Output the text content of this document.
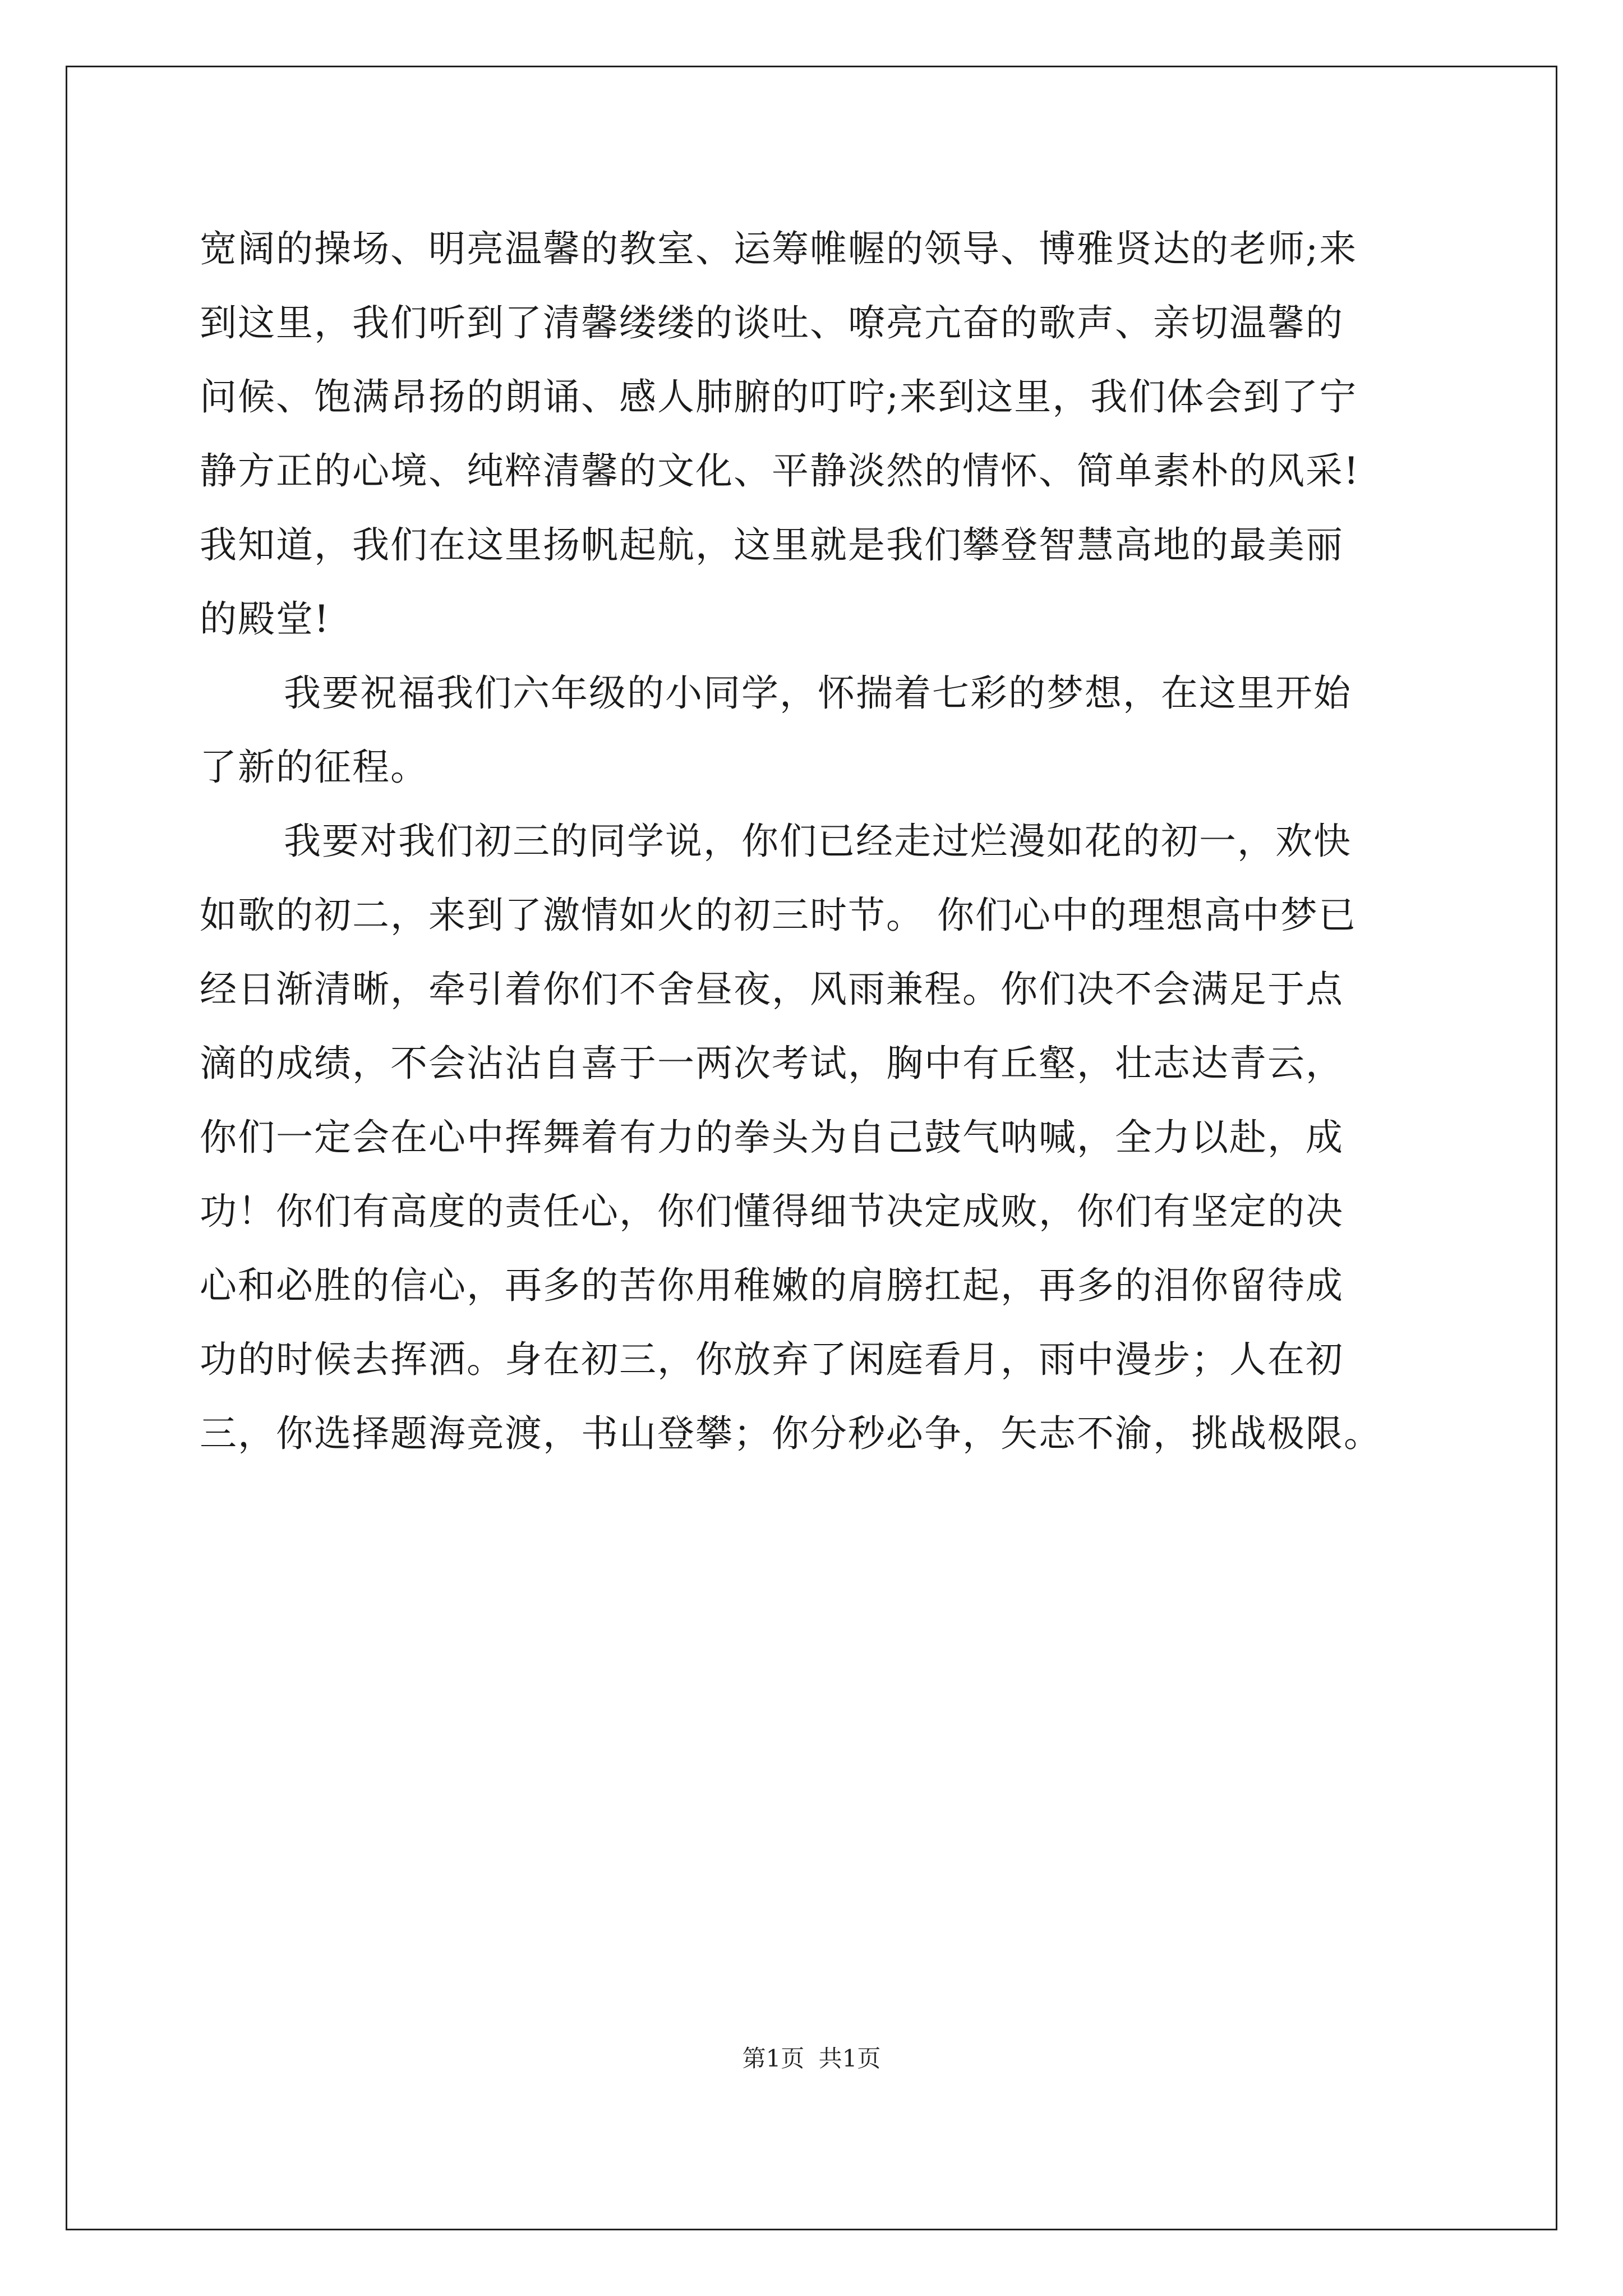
宽阔的操场、明亮温馨的教室、运筹帷幄的领导、博雅贤达的老师;来
到这里，我们听到了清馨缕缕的谈吐、嘹亮亢奋的歌声、亲切温馨的
问候、饱满昂扬的朗诵、感人肺腑的叮咛;来到这里，我们体会到了宁
静方正的心境、纯粹清馨的文化、平静淡然的情怀、简单素朴的风采!
我知道，我们在这里扬帆起航，这里就是我们攀登智慧高地的最美丽
的殿堂!
我要祝福我们六年级的小同学，怀揣着七彩的梦想，在这里开始
了新的征程。
我要对我们初三的同学说，你们已经走过烂漫如花的初一，欢快
如歌的初二，来到了激情如火的初三时节。 你们心中的理想高中梦已
经日渐清晰，牵引着你们不舍昼夜，风雨兼程。你们决不会满足于点
滴的成绩，不会沾沾自喜于一两次考试，胸中有丘壑，壮志达青云，
你们一定会在心中挥舞着有力的拳头为自己鼓气呐喊，全力以赴，成
功！你们有高度的责任心，你们懂得细节决定成败，你们有坚定的决
心和必胜的信心，再多的苦你用稚嫩的肩膀扛起，再多的泪你留待成
功的时候去挥洒。身在初三，你放弃了闲庭看月，雨中漫步；人在初
三，你选择题海竞渡，书山登攀；你分秒必争，矢志不渝，挑战极限。
第1页 共1页
